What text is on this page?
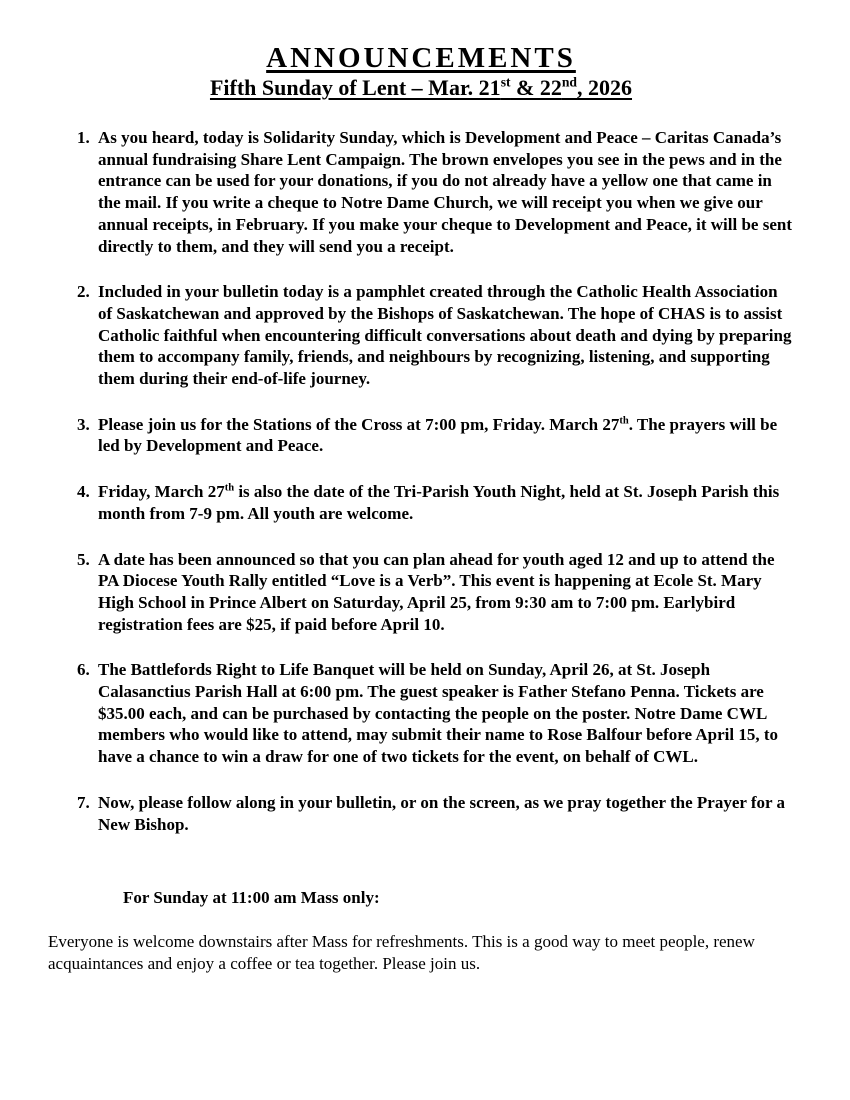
ANNOUNCEMENTS
Fifth Sunday of Lent – Mar. 21st & 22nd, 2026
1. As you heard, today is Solidarity Sunday, which is Development and Peace – Caritas Canada’s annual fundraising Share Lent Campaign. The brown envelopes you see in the pews and in the entrance can be used for your donations, if you do not already have a yellow one that came in the mail. If you write a cheque to Notre Dame Church, we will receipt you when we give our annual receipts, in February. If you make your cheque to Development and Peace, it will be sent directly to them, and they will send you a receipt.
2. Included in your bulletin today is a pamphlet created through the Catholic Health Association of Saskatchewan and approved by the Bishops of Saskatchewan. The hope of CHAS is to assist Catholic faithful when encountering difficult conversations about death and dying by preparing them to accompany family, friends, and neighbours by recognizing, listening, and supporting them during their end-of-life journey.
3. Please join us for the Stations of the Cross at 7:00 pm, Friday. March 27th. The prayers will be led by Development and Peace.
4. Friday, March 27th is also the date of the Tri-Parish Youth Night, held at St. Joseph Parish this month from 7-9 pm. All youth are welcome.
5. A date has been announced so that you can plan ahead for youth aged 12 and up to attend the PA Diocese Youth Rally entitled “Love is a Verb”. This event is happening at Ecole St. Mary High School in Prince Albert on Saturday, April 25, from 9:30 am to 7:00 pm. Earlybird registration fees are $25, if paid before April 10.
6. The Battlefords Right to Life Banquet will be held on Sunday, April 26, at St. Joseph Calasanctius Parish Hall at 6:00 pm. The guest speaker is Father Stefano Penna. Tickets are $35.00 each, and can be purchased by contacting the people on the poster. Notre Dame CWL members who would like to attend, may submit their name to Rose Balfour before April 15, to have a chance to win a draw for one of two tickets for the event, on behalf of CWL.
7. Now, please follow along in your bulletin, or on the screen, as we pray together the Prayer for a New Bishop.

For Sunday at 11:00 am Mass only:

Everyone is welcome downstairs after Mass for refreshments. This is a good way to meet people, renew acquaintances and enjoy a coffee or tea together. Please join us.
